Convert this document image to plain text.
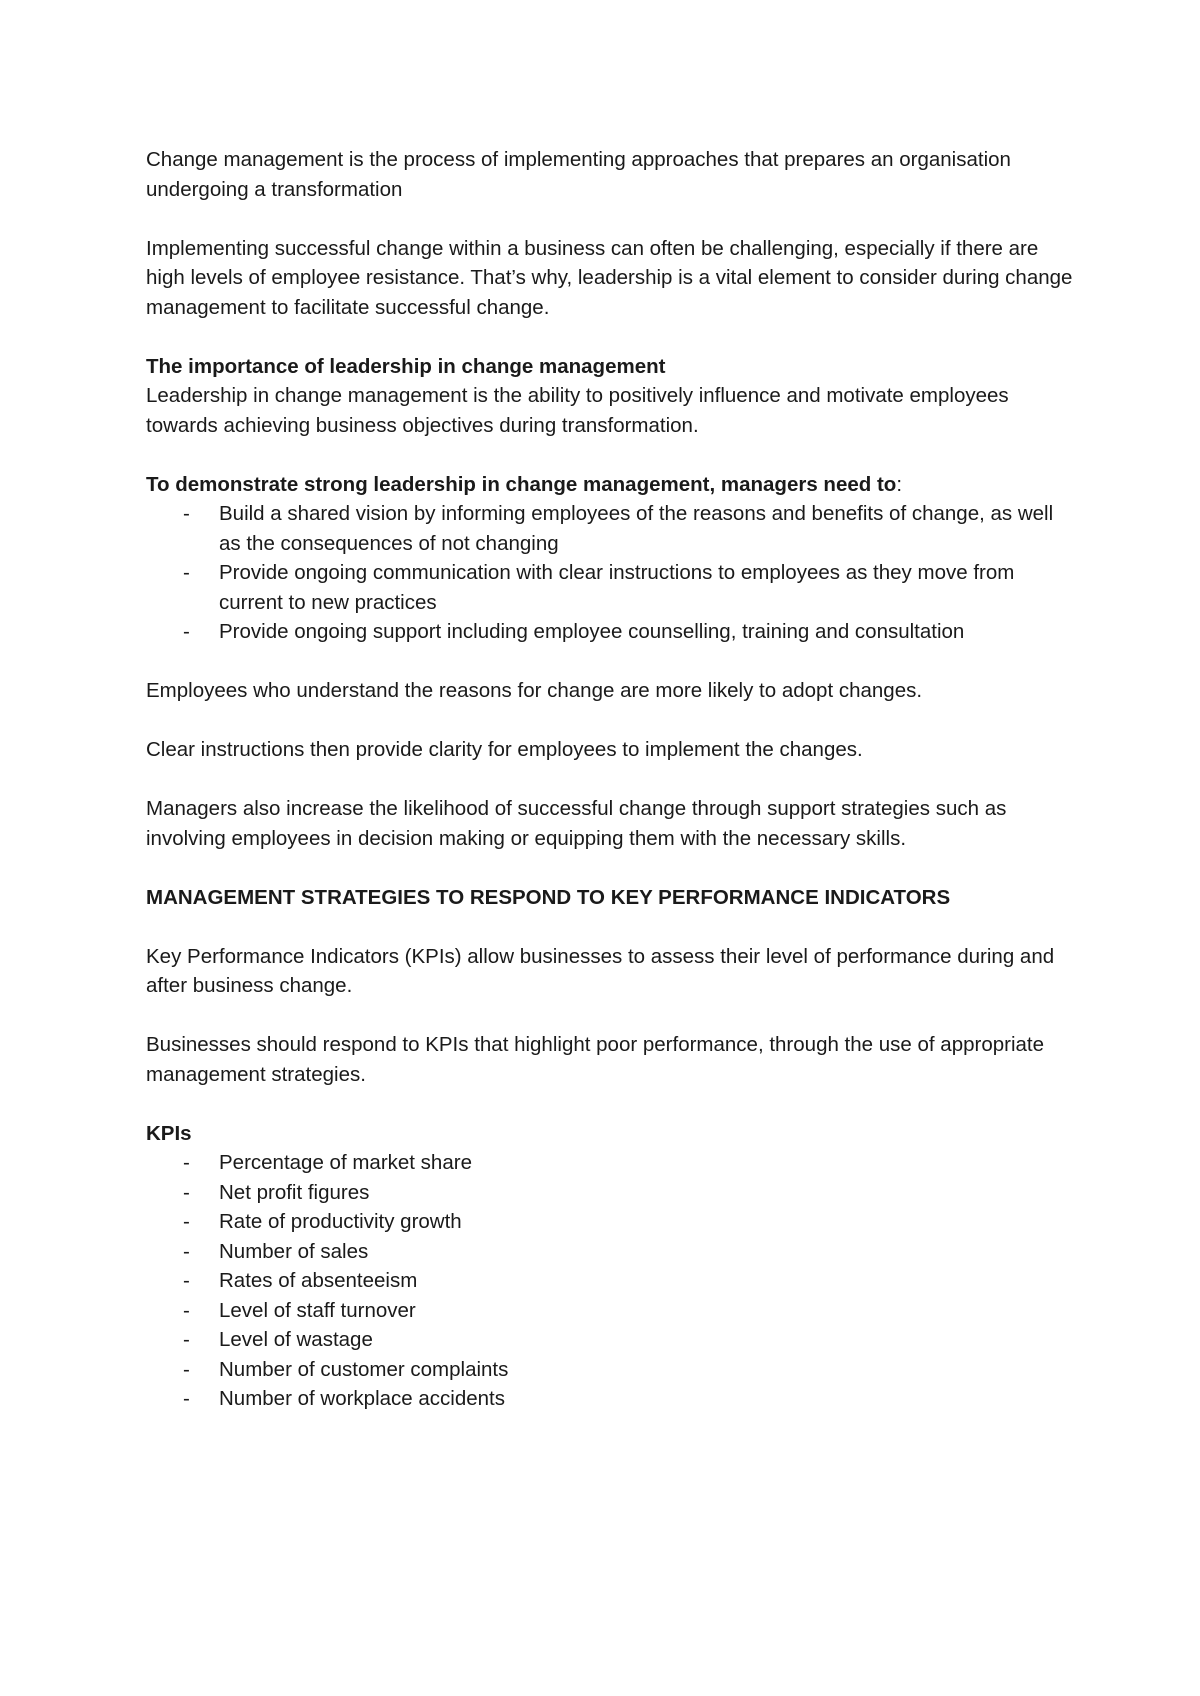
Change management is the process of implementing approaches that prepares an organisation undergoing a transformation

Implementing successful change within a business can often be challenging, especially if there are high levels of employee resistance. That’s why, leadership is a vital element to consider during change management to facilitate successful change.

The importance of leadership in change management

Leadership in change management is the ability to positively influence and motivate employees towards achieving business objectives during transformation.

To demonstrate strong leadership in change management, managers need to:

- Build a shared vision by informing employees of the reasons and benefits of change, as well as the consequences of not changing
- Provide ongoing communication with clear instructions to employees as they move from current to new practices
- Provide ongoing support including employee counselling, training and consultation

Employees who understand the reasons for change are more likely to adopt changes.

Clear instructions then provide clarity for employees to implement the changes.

Managers also increase the likelihood of successful change through support strategies such as involving employees in decision making or equipping them with the necessary skills.

MANAGEMENT STRATEGIES TO RESPOND TO KEY PERFORMANCE INDICATORS

Key Performance Indicators (KPIs) allow businesses to assess their level of performance during and after business change.

Businesses should respond to KPIs that highlight poor performance, through the use of appropriate management strategies.

KPIs

- Percentage of market share
- Net profit figures
- Rate of productivity growth
- Number of sales
- Rates of absenteeism
- Level of staff turnover
- Level of wastage
- Number of customer complaints
- Number of workplace accidents
